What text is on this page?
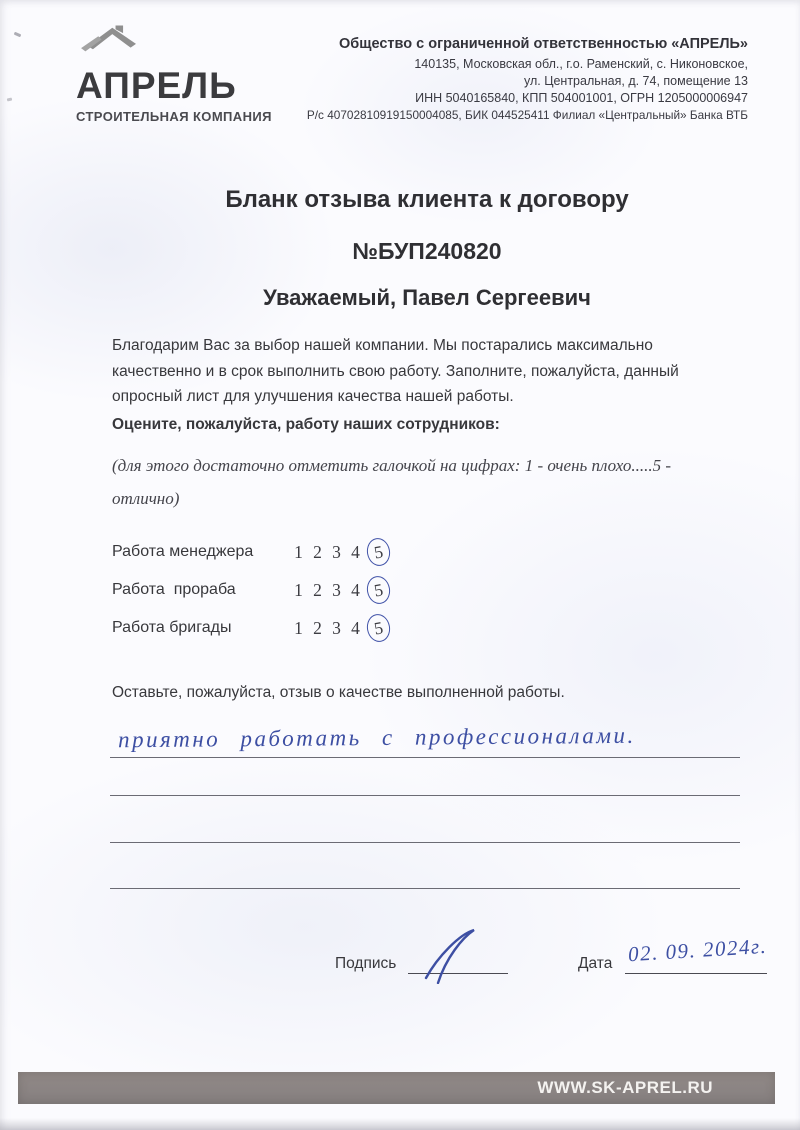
АПРЕЛЬ
СТРОИТЕЛЬНАЯ КОМПАНИЯ
Общество с ограниченной ответственностью «АПРЕЛЬ»
140135, Московская обл., г.о. Раменский, с. Никоновское,
ул. Центральная, д. 74, помещение 13
ИНН 5040165840, КПП 504001001, ОГРН 1205000006947
Р/с 40702810919150004085, БИК 044525411 Филиал «Центральный» Банка ВТБ
Бланк отзыва клиента к договору
№БУП240820
Уважаемый, Павел Сергеевич
Благодарим Вас за выбор нашей компании. Мы постарались максимально качественно и в срок выполнить свою работу. Заполните, пожалуйста, данный опросный лист для улучшения качества нашей работы.
Оцените, пожалуйста, работу наших сотрудников:
(для этого достаточно отметить галочкой на цифрах: 1 - очень плохо.....5 - отлично)
Работа менеджера	1 2 3 4 5
Работа  прораба	1 2 3 4 5
Работа бригады	1 2 3 4 5
Оставьте, пожалуйста, отзыв о качестве выполненной работы.
приятно работать с профессионалами.
Подпись	Дата 02. 09. 2024г.
WWW.SK-APREL.RU
